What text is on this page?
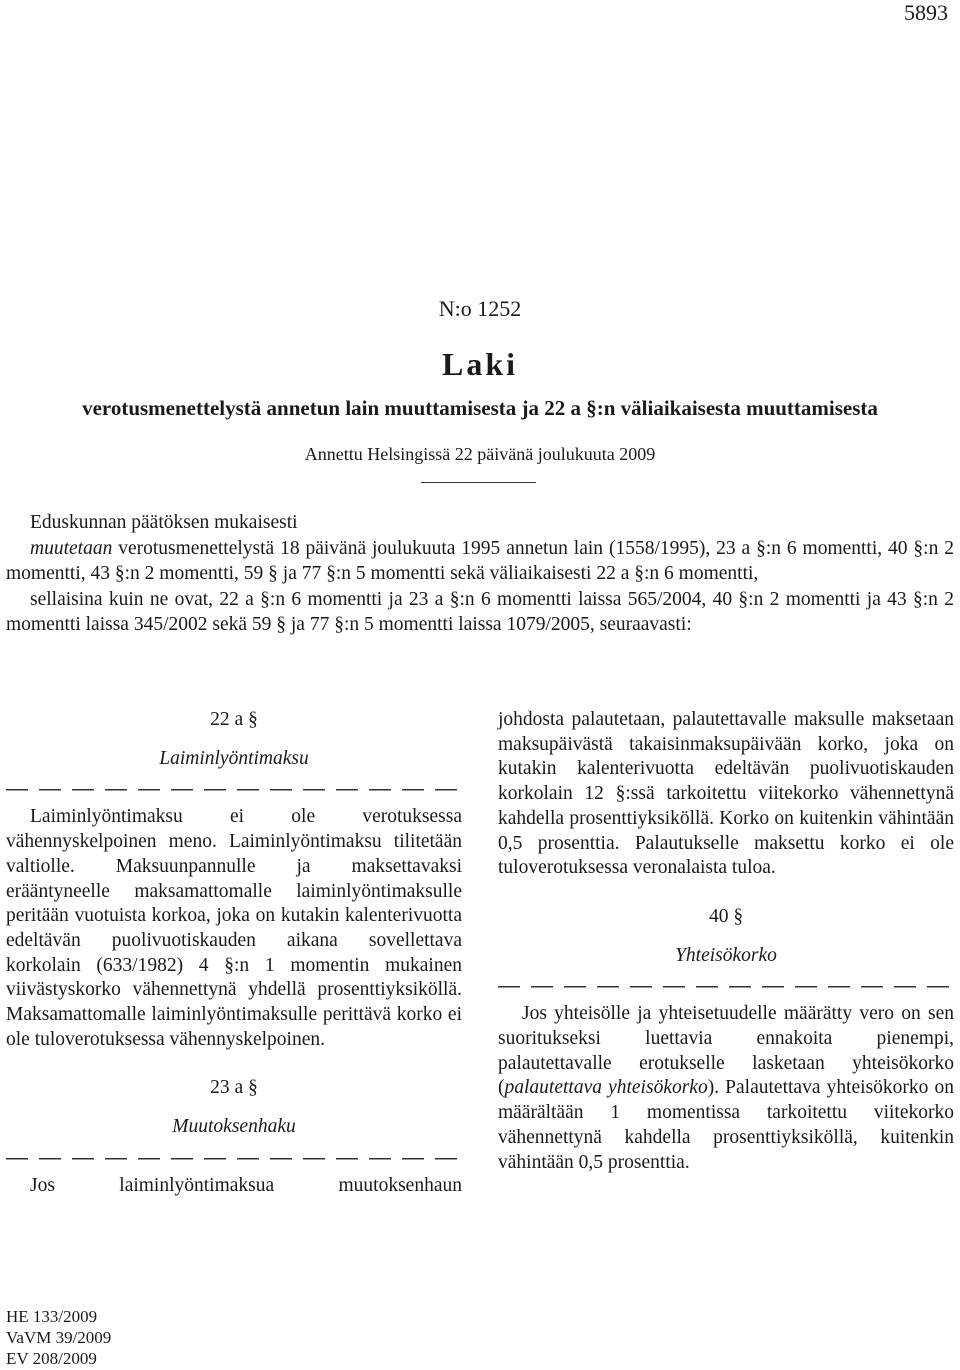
5893
N:o 1252
Laki
verotusmenettelystä annetun lain muuttamisesta ja 22 a §:n väliaikaisesta muuttamisesta
Annettu Helsingissä 22 päivänä joulukuuta 2009

Eduskunnan päätöksen mukaisesti

muutetaan verotusmenettelystä 18 päivänä joulukuuta 1995 annetun lain (1558/1995), 23 a §:n 6 momentti, 40 §:n 2 momentti, 43 §:n 2 momentti, 59 § ja 77 §:n 5 momentti sekä väliaikaisesti 22 a §:n 6 momentti,

sellaisina kuin ne ovat, 22 a §:n 6 momentti ja 23 a §:n 6 momentti laissa 565/2004, 40 §:n 2 momentti ja 43 §:n 2 momentti laissa 345/2002 sekä 59 § ja 77 §:n 5 momentti laissa 1079/2005, seuraavasti:

22 a §

Laiminlyöntimaksu

Laiminlyöntimaksu ei ole verotuksessa vähennyskelpoinen meno. Laiminlyöntimaksu tilitetään valtiolle. Maksuunpannulle ja maksettavaksi erääntyneelle maksamattomalle laiminlyöntimaksulle peritään vuotuista korkoa, joka on kutakin kalenterivuotta edeltävän puolivuotiskauden aikana sovellettava korkolain (633/1982) 4 §:n 1 momentin mukainen viivästyskorko vähennettynä yhdellä prosenttiyksiköllä. Maksamattomalle laiminlyöntimaksulle perittävä korko ei ole tuloverotuksessa vähennyskelpoinen.

23 a §

Muutoksenhaku

Jos laiminlyöntimaksua muutoksenhaun

johdosta palautetaan, palautettavalle maksulle maksetaan maksupäivästä takaisinmaksupäivään korko, joka on kutakin kalenterivuotta edeltävän puolivuotiskauden korkolain 12 §:ssä tarkoitettu viitekorko vähennettynä kahdella prosenttiyksiköllä. Korko on kuitenkin vähintään 0,5 prosenttia. Palautukselle maksettu korko ei ole tuloverotuksessa veronalaista tuloa.

40 §

Yhteisökorko

Jos yhteisölle ja yhteisetuudelle määrätty vero on sen suoritukseksi luettavia ennakoita pienempi, palautettavalle erotukselle lasketaan yhteisökorko (palautettava yhteisökorko). Palautettava yhteisökorko on määrältään 1 momentissa tarkoitettu viitekorko vähennettynä kahdella prosenttiyksiköllä, kuitenkin vähintään 0,5 prosenttia.

HE 133/2009
VaVM 39/2009
EV 208/2009
